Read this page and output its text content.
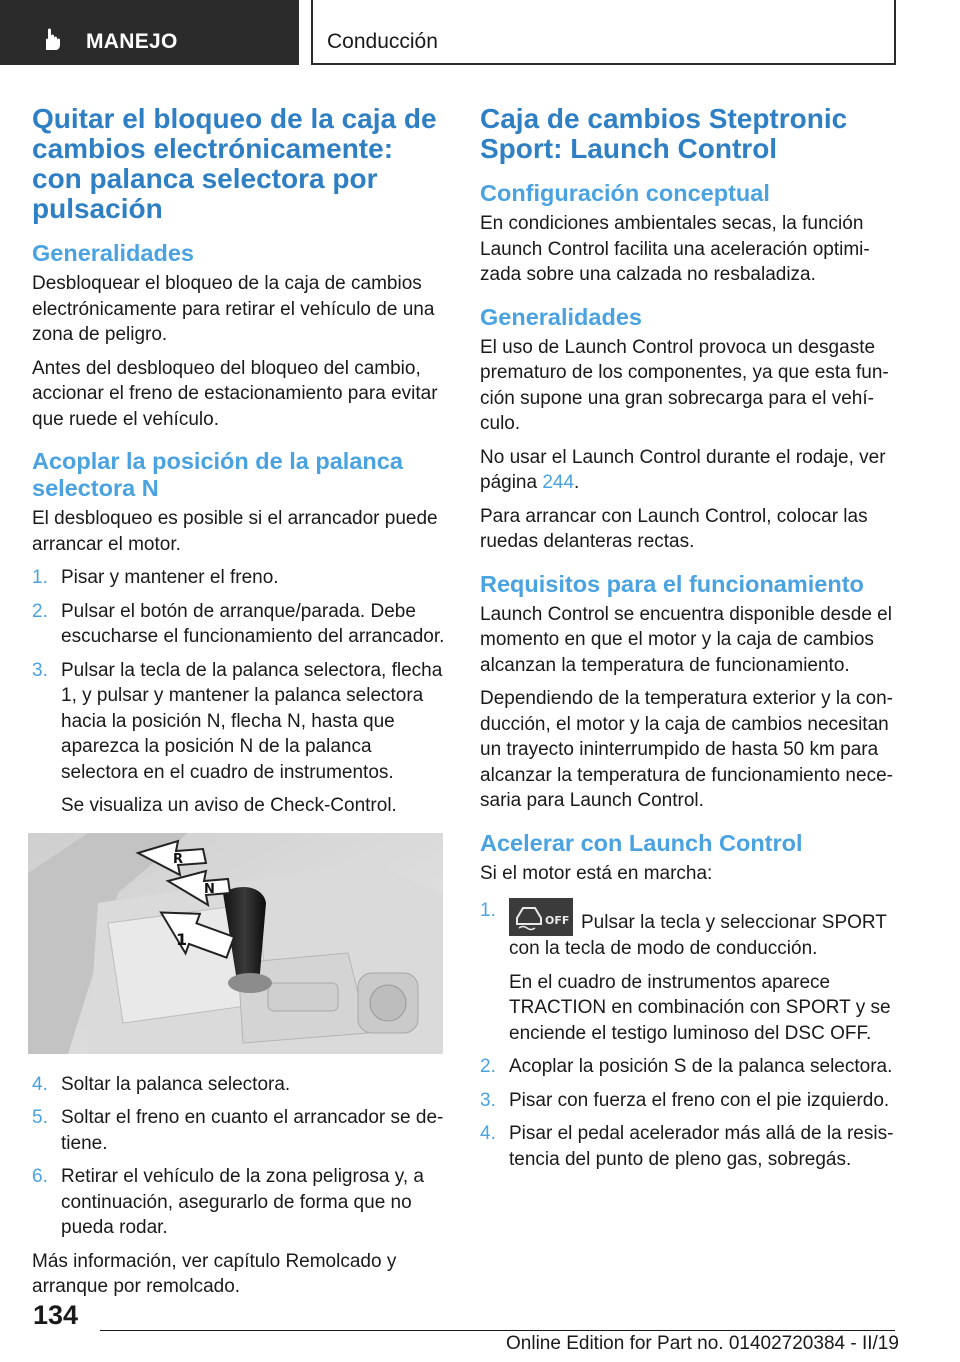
MANEJO	Conducción
Quitar el bloqueo de la caja de cambios electrónicamente: con palanca selectora por pulsación
Generalidades

Desbloquear el bloqueo de la caja de cambios electrónicamente para retirar el vehículo de una zona de peligro.

Antes del desbloqueo del bloqueo del cambio, accionar el freno de estacionamiento para evitar que ruede el vehículo.

Acoplar la posición de la palanca selectora N

El desbloqueo es posible si el arrancador puede arrancar el motor.

1. Pisar y mantener el freno.
2. Pulsar el botón de arranque/parada. Debe escucharse el funcionamiento del arrancador.
3. Pulsar la tecla de la palanca selectora, flecha 1, y pulsar y mantener la palanca selectora hacia la posición N, flecha N, hasta que aparezca la posición N de la palanca selectora en el cuadro de instrumentos.
Se visualiza un aviso de Check-Control.
R
N
1
4. Soltar la palanca selectora.
5. Soltar el freno en cuanto el arrancador se detiene.
6. Retirar el vehículo de la zona peligrosa y, a continuación, asegurarlo de forma que no pueda rodar.

Más información, ver capítulo Remolcado y arranque por remolcado.

Caja de cambios Steptronic Sport: Launch Control
Configuración conceptual

En condiciones ambientales secas, la función Launch Control facilita una aceleración optimizada sobre una calzada no resbaladiza.

Generalidades

El uso de Launch Control provoca un desgaste prematuro de los componentes, ya que esta función supone una gran sobrecarga para el vehículo.

No usar el Launch Control durante el rodaje, ver página 244.

Para arrancar con Launch Control, colocar las ruedas delanteras rectas.

Requisitos para el funcionamiento

Launch Control se encuentra disponible desde el momento en que el motor y la caja de cambios alcanzan la temperatura de funcionamiento.

Dependiendo de la temperatura exterior y la conducción, el motor y la caja de cambios necesitan un trayecto ininterrumpido de hasta 50 km para alcanzar la temperatura de funcionamiento necesaria para Launch Control.

Acelerar con Launch Control

Si el motor está en marcha:

1.	OFF Pulsar la tecla y seleccionar SPORT con la tecla de modo de conducción.
En el cuadro de instrumentos aparece TRACTION en combinación con SPORT y se enciende el testigo luminoso del DSC OFF.
2. Acoplar la posición S de la palanca selectora.
3. Pisar con fuerza el freno con el pie izquierdo.
4. Pisar el pedal acelerador más allá de la resistencia del punto de pleno gas, sobregás.
134
Online Edition for Part no. 01402720384 - II/19
